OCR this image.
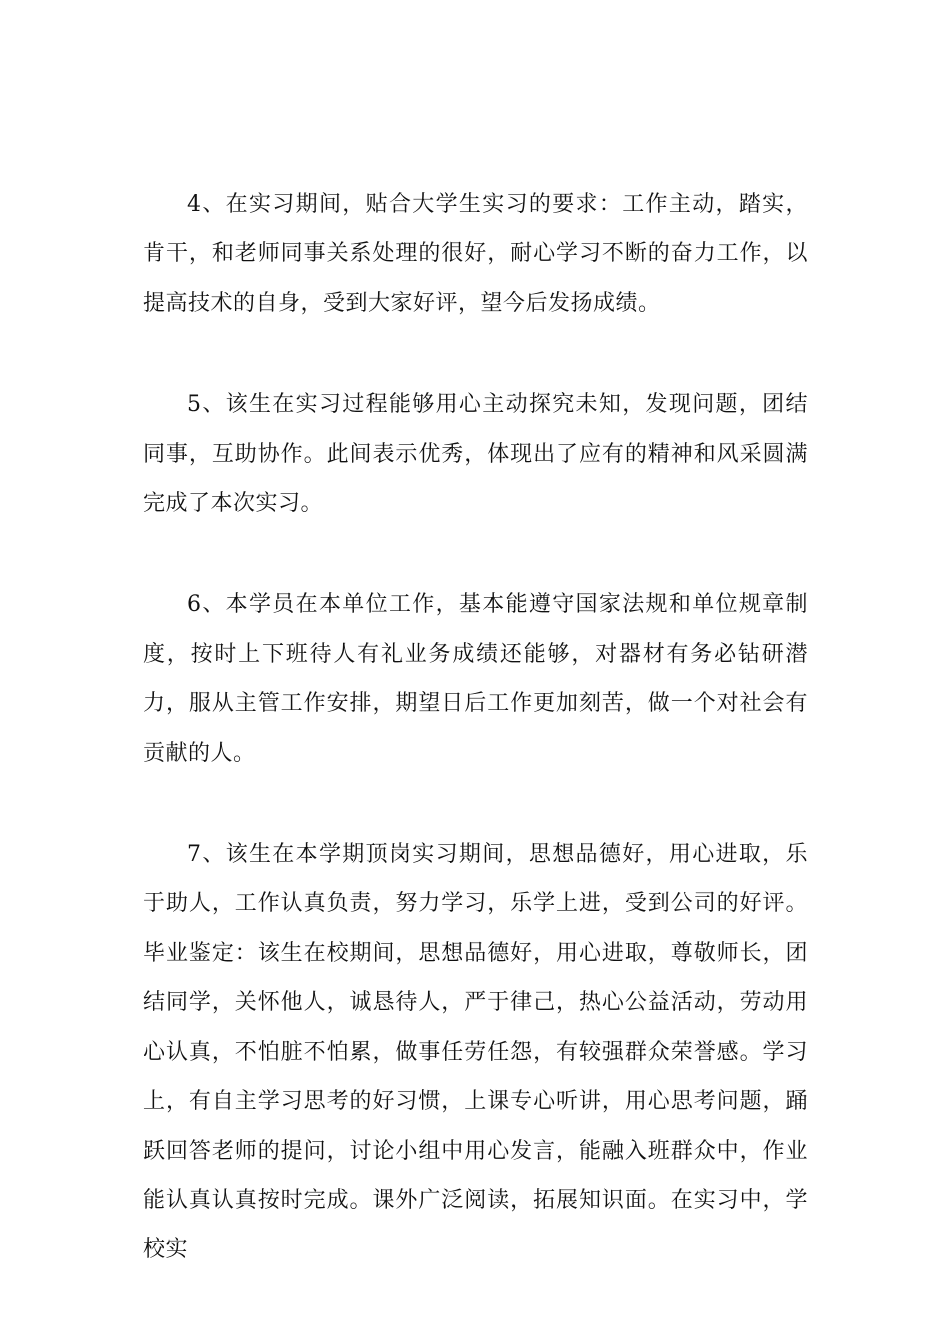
4、在实习期间，贴合大学生实习的要求：工作主动，踏实，肯干，和老师同事关系处理的很好，耐心学习不断的奋力工作，以提高技术的自身，受到大家好评，望今后发扬成绩。

5、该生在实习过程能够用心主动探究未知，发现问题，团结同事，互助协作。此间表示优秀，体现出了应有的精神和风采圆满完成了本次实习。

6、本学员在本单位工作，基本能遵守国家法规和单位规章制度，按时上下班待人有礼业务成绩还能够，对器材有务必钻研潜力，服从主管工作安排，期望日后工作更加刻苦，做一个对社会有贡献的人。

7、该生在本学期顶岗实习期间，思想品德好，用心进取，乐于助人，工作认真负责，努力学习，乐学上进，受到公司的好评。毕业鉴定：该生在校期间，思想品德好，用心进取，尊敬师长，团结同学，关怀他人，诚恳待人，严于律己，热心公益活动，劳动用心认真，不怕脏不怕累，做事任劳任怨，有较强群众荣誉感。学习上，有自主学习思考的好习惯，上课专心听讲，用心思考问题，踊跃回答老师的提问，讨论小组中用心发言，能融入班群众中，作业能认真认真按时完成。课外广泛阅读，拓展知识面。在实习中，学校实
